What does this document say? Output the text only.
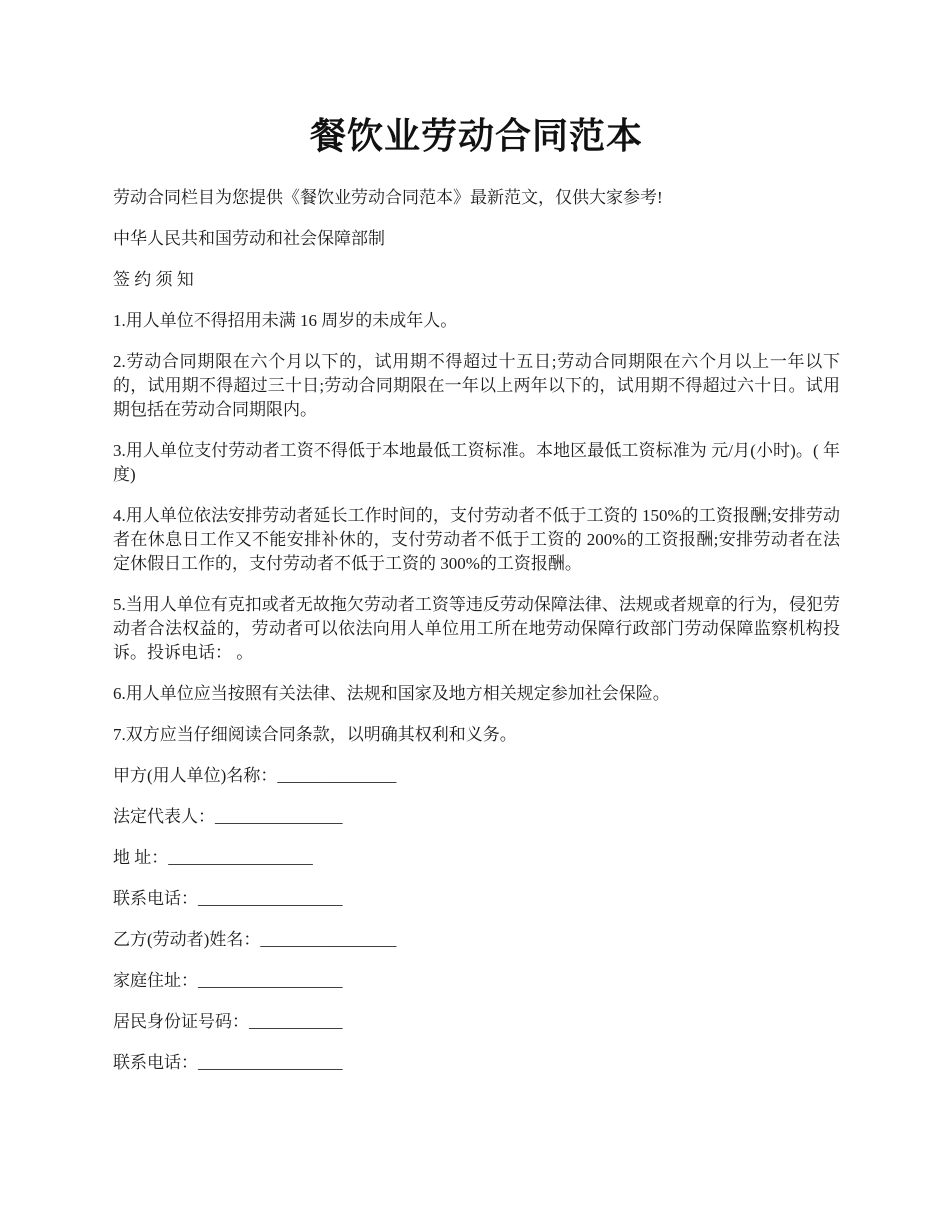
餐饮业劳动合同范本

劳动合同栏目为您提供《餐饮业劳动合同范本》最新范文，仅供大家参考!

中华人民共和国劳动和社会保障部制

签 约 须 知

1.用人单位不得招用未满 16 周岁的未成年人。

2.劳动合同期限在六个月以下的，试用期不得超过十五日;劳动合同期限在六个月以上一年以下的，试用期不得超过三十日;劳动合同期限在一年以上两年以下的，试用期不得超过六十日。试用期包括在劳动合同期限内。

3.用人单位支付劳动者工资不得低于本地最低工资标准。本地区最低工资标准为 元/月(小时)。( 年度)

4.用人单位依法安排劳动者延长工作时间的，支付劳动者不低于工资的 150%的工资报酬;安排劳动者在休息日工作又不能安排补休的，支付劳动者不低于工资的 200%的工资报酬;安排劳动者在法定休假日工作的，支付劳动者不低于工资的 300%的工资报酬。

5.当用人单位有克扣或者无故拖欠劳动者工资等违反劳动保障法律、法规或者规章的行为，侵犯劳动者合法权益的，劳动者可以依法向用人单位用工所在地劳动保障行政部门劳动保障监察机构投诉。投诉电话： 。

6.用人单位应当按照有关法律、法规和国家及地方相关规定参加社会保险。

7.双方应当仔细阅读合同条款，以明确其权利和义务。

甲方(用人单位)名称：______________

法定代表人：_______________

地 址：_________________

联系电话：_________________

乙方(劳动者)姓名：________________

家庭住址：_________________

居民身份证号码：___________

联系电话：_________________
